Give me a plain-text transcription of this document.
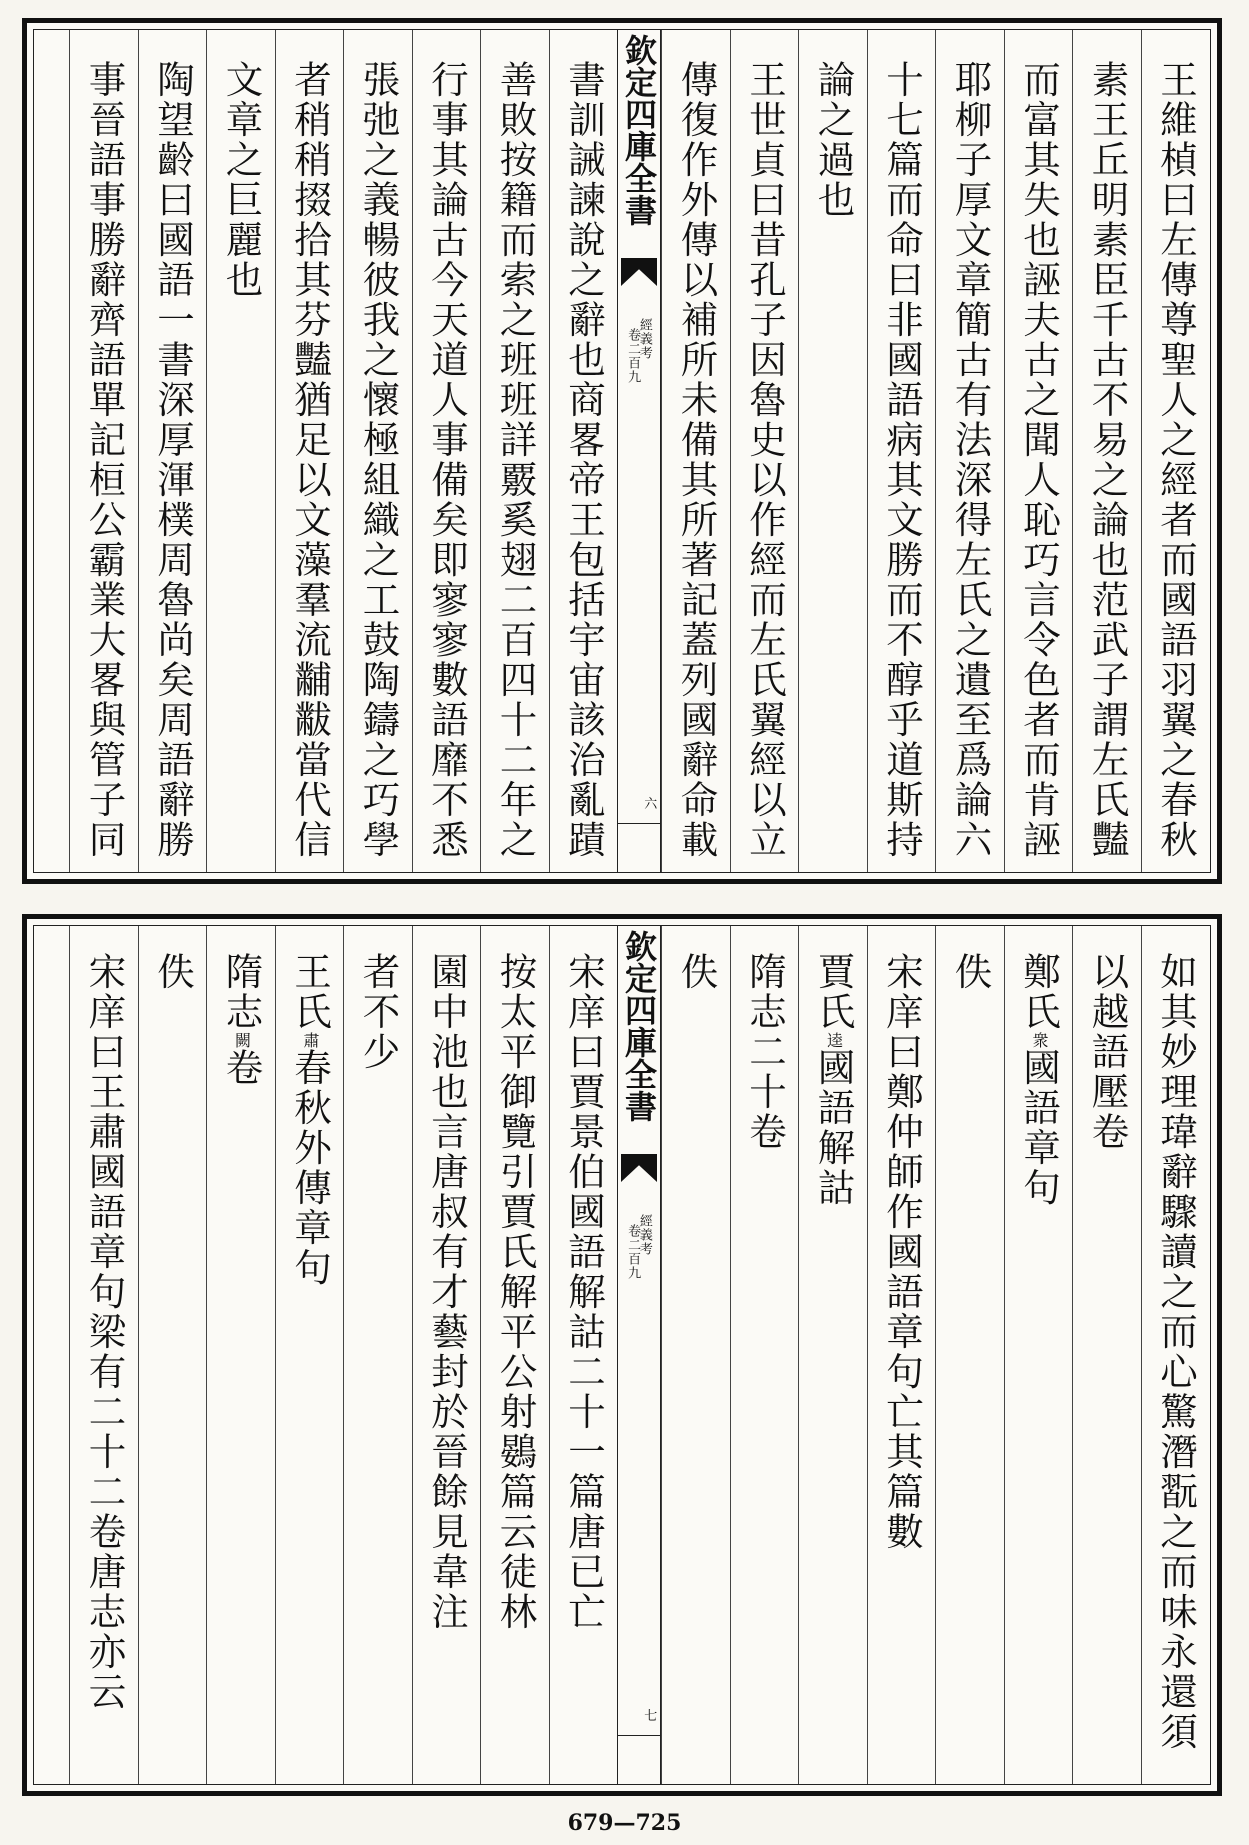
王維楨曰左傳尊聖人之經者而國語羽翼之春秋
素王丘明素臣千古不易之論也范武子謂左氏豔
而富其失也誣夫古之聞人恥巧言令色者而肯誣
耶柳子厚文章簡古有法深得左氏之遺至爲論六
十七篇而命曰非國語病其文勝而不醇乎道斯持
論之過也
王世貞曰昔孔子因魯史以作經而左氏翼經以立
傳復作外傳以補所未備其所著記蓋列國辭命載
欽定四庫全書
經義考
卷二百九
六
書訓誡諫說之辭也商畧帝王包括宇宙該治亂蹟
善敗按籍而索之班班詳覈奚翅二百四十二年之
行事其論古今天道人事備矣即寥寥數語靡不悉
張弛之義暢彼我之懷極組織之工鼓陶鑄之巧學
者稍稍掇拾其芬豔猶足以文藻羣流黼黻當代信
文章之巨麗也
陶望齡曰國語一書深厚渾樸周魯尚矣周語辭勝
事晉語事勝辭齊語單記桓公霸業大畧與管子同
如其妙理瑋辭驟讀之而心驚潛翫之而味永還須
以越語壓卷
鄭氏衆國語章句
佚
宋庠曰鄭仲師作國語章句亡其篇數
賈氏逵國語解詁
隋志二十卷
佚
欽定四庫全書
經義考
卷二百九
七
宋庠曰賈景伯國語解詁二十一篇唐已亡
按太平御覽引賈氏解平公射鷃篇云徒林
園中池也言唐叔有才藝封於晉餘見韋注
者不少
王氏肅春秋外傳章句
隋志闕卷
佚
宋庠曰王肅國語章句梁有二十二卷唐志亦云
679—725
